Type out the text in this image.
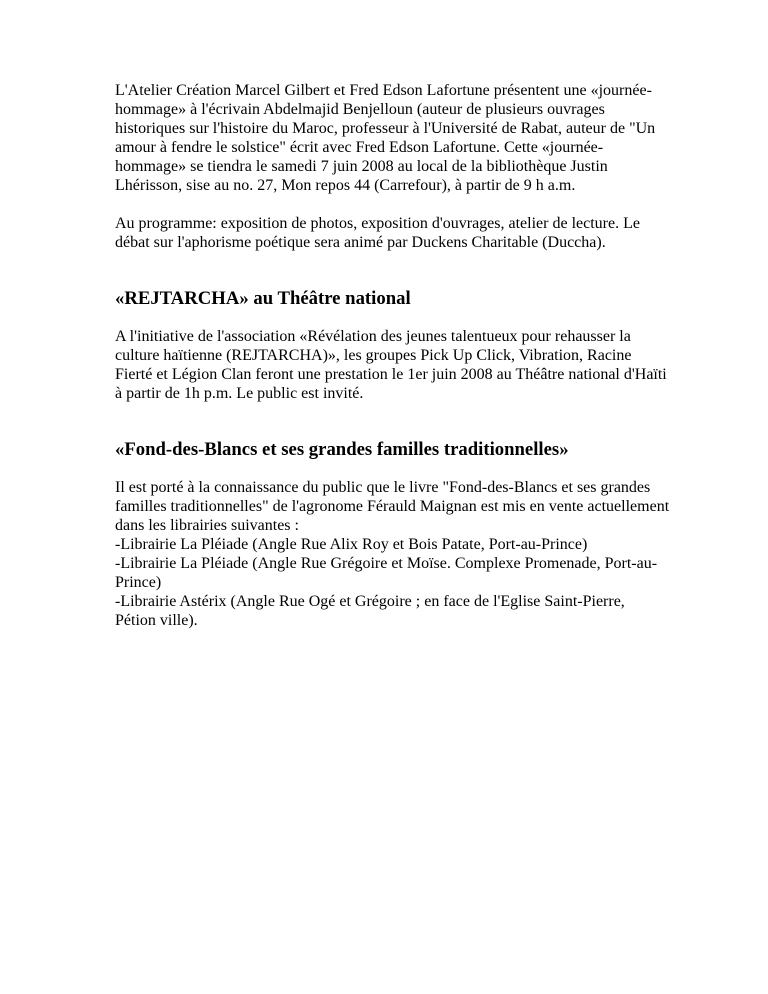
L'Atelier Création Marcel Gilbert et Fred Edson Lafortune présentent une «journée-
hommage» à l'écrivain Abdelmajid Benjelloun (auteur de plusieurs ouvrages
historiques sur l'histoire du Maroc, professeur à l'Université de Rabat, auteur de "Un
amour à fendre le solstice" écrit avec Fred Edson Lafortune. Cette «journée-
hommage» se tiendra le samedi 7 juin 2008 au local de la bibliothèque Justin
Lhérisson, sise au no. 27, Mon repos 44 (Carrefour), à partir de 9 h a.m.

Au programme: exposition de photos, exposition d'ouvrages, atelier de lecture. Le
débat sur l'aphorisme poétique sera animé par Duckens Charitable (Duccha).

«REJTARCHA» au Théâtre national

A l'initiative de l'association «Révélation des jeunes talentueux pour rehausser la
culture haïtienne (REJTARCHA)», les groupes Pick Up Click, Vibration, Racine
Fierté et Légion Clan feront une prestation le 1er juin 2008 au Théâtre national d'Haïti
à partir de 1h p.m. Le public est invité.

«Fond-des-Blancs et ses grandes familles traditionnelles»

Il est porté à la connaissance du public que le livre "Fond-des-Blancs et ses grandes
familles traditionnelles" de l'agronome Férauld Maignan est mis en vente actuellement
dans les librairies suivantes :
-Librairie La Pléiade (Angle Rue Alix Roy et Bois Patate, Port-au-Prince)
-Librairie La Pléiade (Angle Rue Grégoire et Moïse. Complexe Promenade, Port-au-
Prince)
-Librairie Astérix (Angle Rue Ogé et Grégoire ; en face de l'Eglise Saint-Pierre,
Pétion ville).
